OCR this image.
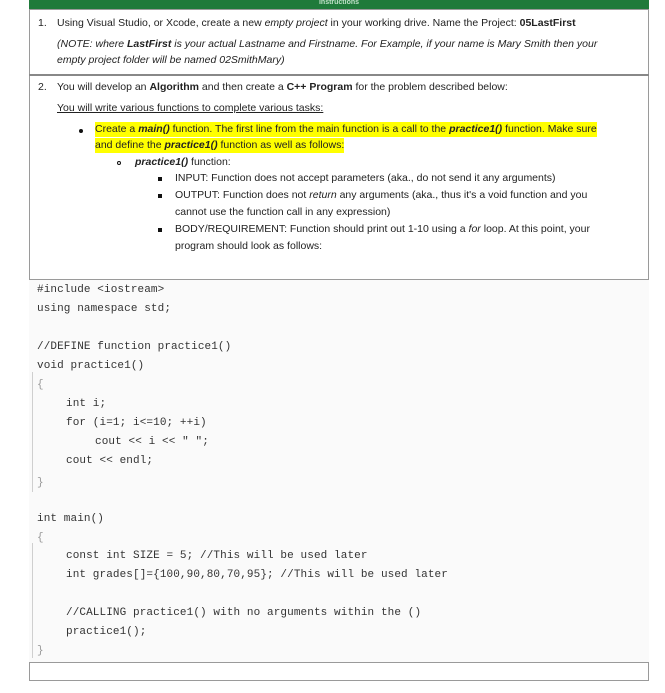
Instructions
1. Using Visual Studio, or Xcode, create a new empty project in your working drive. Name the Project: 05LastFirst
(NOTE: where LastFirst is your actual Lastname and Firstname. For Example, if your name is Mary Smith then your
empty project folder will be named 02SmithMary)
2. You will develop an Algorithm and then create a C++ Program for the problem described below:
You will write various functions to complete various tasks:
Create a main() function. The first line from the main function is a call to the practice1() function. Make sure
and define the practice1() function as well as follows:
practice1() function:
INPUT: Function does not accept parameters (aka., do not send it any arguments)
OUTPUT: Function does not return any arguments (aka., thus it's a void function and you
cannot use the function call in any expression)
BODY/REQUIREMENT: Function should print out 1-10 using a for loop. At this point, your
program should look as follows:
#include <iostream>
using namespace std;
//DEFINE function practice1()
void practice1()
{
int i;
for (i=1; i<=10; ++i)
cout << i << " ";
cout << endl;
}
int main()
{
const int SIZE = 5; //This will be used later
int grades[]={100,90,80,70,95}; //This will be used later
//CALLING practice1() with no arguments within the ()
practice1();
}
